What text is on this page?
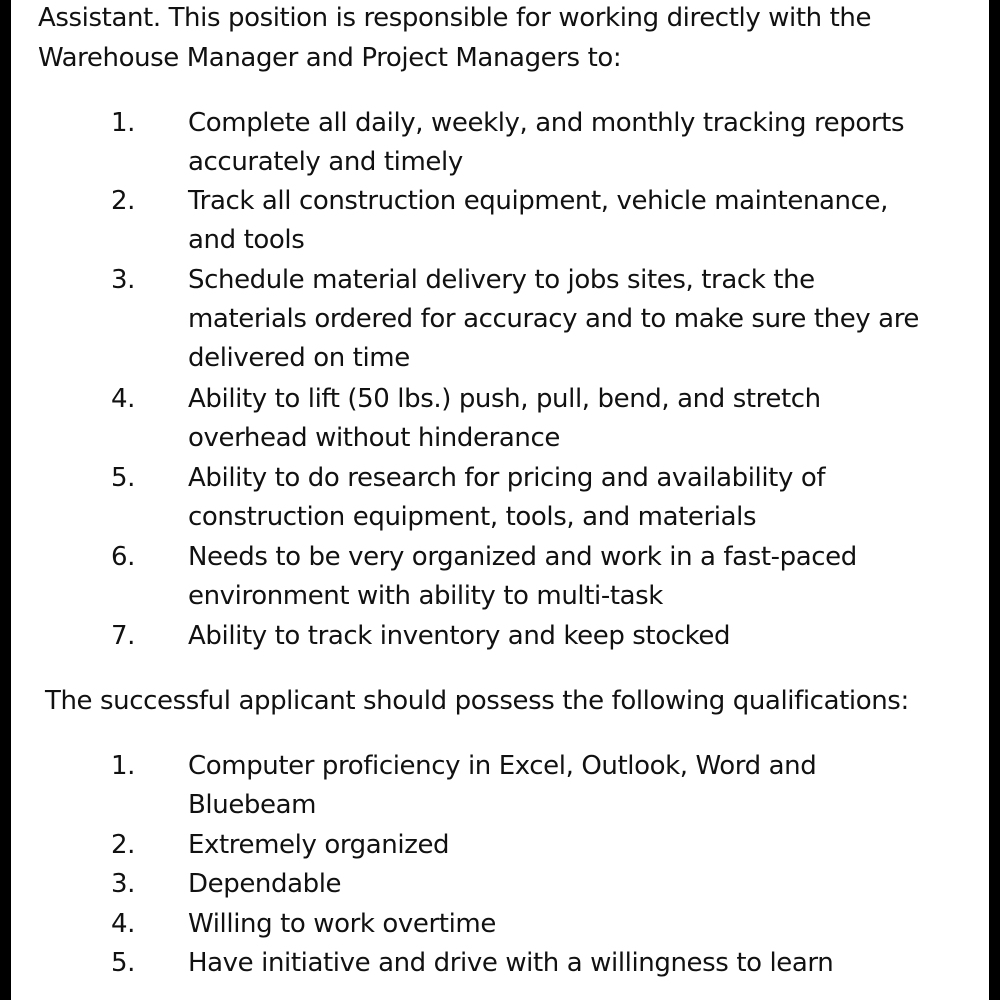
Assistant. This position is responsible for working directly with the
Warehouse Manager and Project Managers to:
1. Complete all daily, weekly, and monthly tracking reports
accurately and timely
2. Track all construction equipment, vehicle maintenance,
and tools
3. Schedule material delivery to jobs sites, track the
materials ordered for accuracy and to make sure they are
delivered on time
4. Ability to lift (50 lbs.) push, pull, bend, and stretch
overhead without hinderance
5. Ability to do research for pricing and availability of
construction equipment, tools, and materials
6. Needs to be very organized and work in a fast-paced
environment with ability to multi-task
7. Ability to track inventory and keep stocked
The successful applicant should possess the following qualifications:
1. Computer proficiency in Excel, Outlook, Word and
Bluebeam
2. Extremely organized
3. Dependable
4. Willing to work overtime
5. Have initiative and drive with a willingness to learn
